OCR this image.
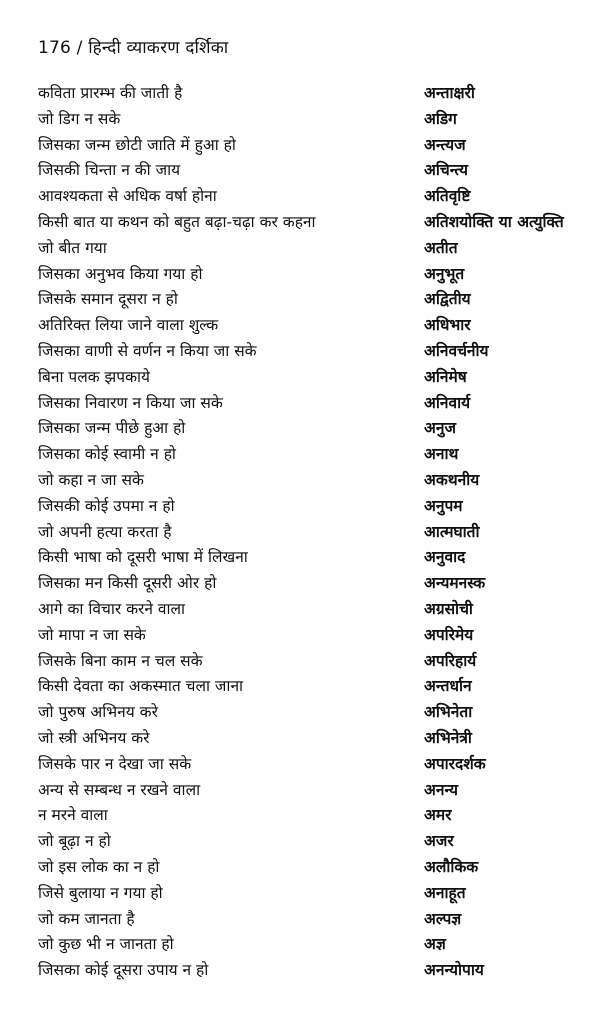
176 / हिन्दी व्याकरण दर्शिका
कविता प्रारम्भ की जाती है	अन्ताक्षरी
जो डिग न सके	अडिग
जिसका जन्म छोटी जाति में हुआ हो	अन्त्यज
जिसकी चिन्ता न की जाय	अचिन्त्य
आवश्यकता से अधिक वर्षा होना	अतिवृष्टि
किसी बात या कथन को बहुत बढ़ा-चढ़ा कर कहना	अतिशयोक्ति या अत्युक्ति
जो बीत गया	अतीत
जिसका अनुभव किया गया हो	अनुभूत
जिसके समान दूसरा न हो	अद्वितीय
अतिरिक्त लिया जाने वाला शुल्क	अधिभार
जिसका वाणी से वर्णन न किया जा सके	अनिवर्चनीय
बिना पलक झपकाये	अनिमेष
जिसका निवारण न किया जा सके	अनिवार्य
जिसका जन्म पीछे हुआ हो	अनुज
जिसका कोई स्वामी न हो	अनाथ
जो कहा न जा सके	अकथनीय
जिसकी कोई उपमा न हो	अनुपम
जो अपनी हत्या करता है	आत्मघाती
किसी भाषा को दूसरी भाषा में लिखना	अनुवाद
जिसका मन किसी दूसरी ओर हो	अन्यमनस्क
आगे का विचार करने वाला	अग्रसोची
जो मापा न जा सके	अपरिमेय
जिसके बिना काम न चल सके	अपरिहार्य
किसी देवता का अकस्मात चला जाना	अन्तर्धान
जो पुरुष अभिनय करे	अभिनेता
जो स्त्री अभिनय करे	अभिनेत्री
जिसके पार न देखा जा सके	अपारदर्शक
अन्य से सम्बन्ध न रखने वाला	अनन्य
न मरने वाला	अमर
जो बूढ़ा न हो	अजर
जो इस लोक का न हो	अलौकिक
जिसे बुलाया न गया हो	अनाहूत
जो कम जानता है	अल्पज्ञ
जो कुछ भी न जानता हो	अज्ञ
जिसका कोई दूसरा उपाय न हो	अनन्योपाय
